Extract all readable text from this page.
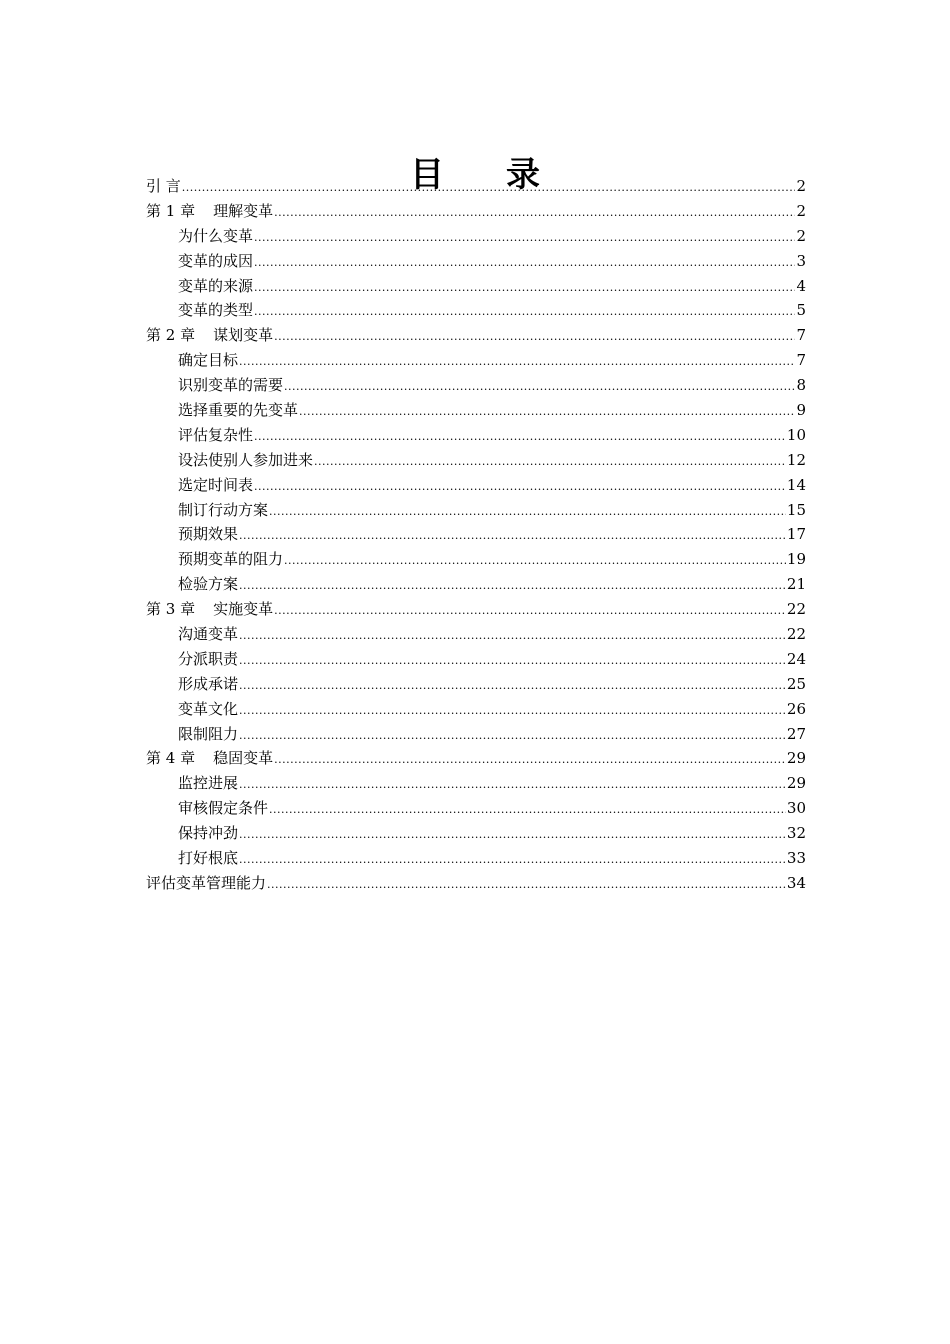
目 录
引 言 .....	2
第 1 章 理解变革 .....	2
为什么变革 .....	2
变革的成因 .....	3
变革的来源 .....	4
变革的类型 .....	5
第 2 章 谋划变革 .....	7
确定目标 .....	7
识别变革的需要 .....	8
选择重要的先变革 .....	9
评估复杂性 .....	10
设法使别人参加进来 .....	12
选定时间表 .....	14
制订行动方案 .....	15
预期效果 .....	17
预期变革的阻力 .....	19
检验方案 .....	21
第 3 章 实施变革 .....	22
沟通变革 .....	22
分派职责 .....	24
形成承诺 .....	25
变革文化 .....	26
限制阻力 .....	27
第 4 章 稳固变革 .....	29
监控进展 .....	29
审核假定条件 .....	30
保持冲劲 .....	32
打好根底 .....	33
评估变革管理能力 .....	34
